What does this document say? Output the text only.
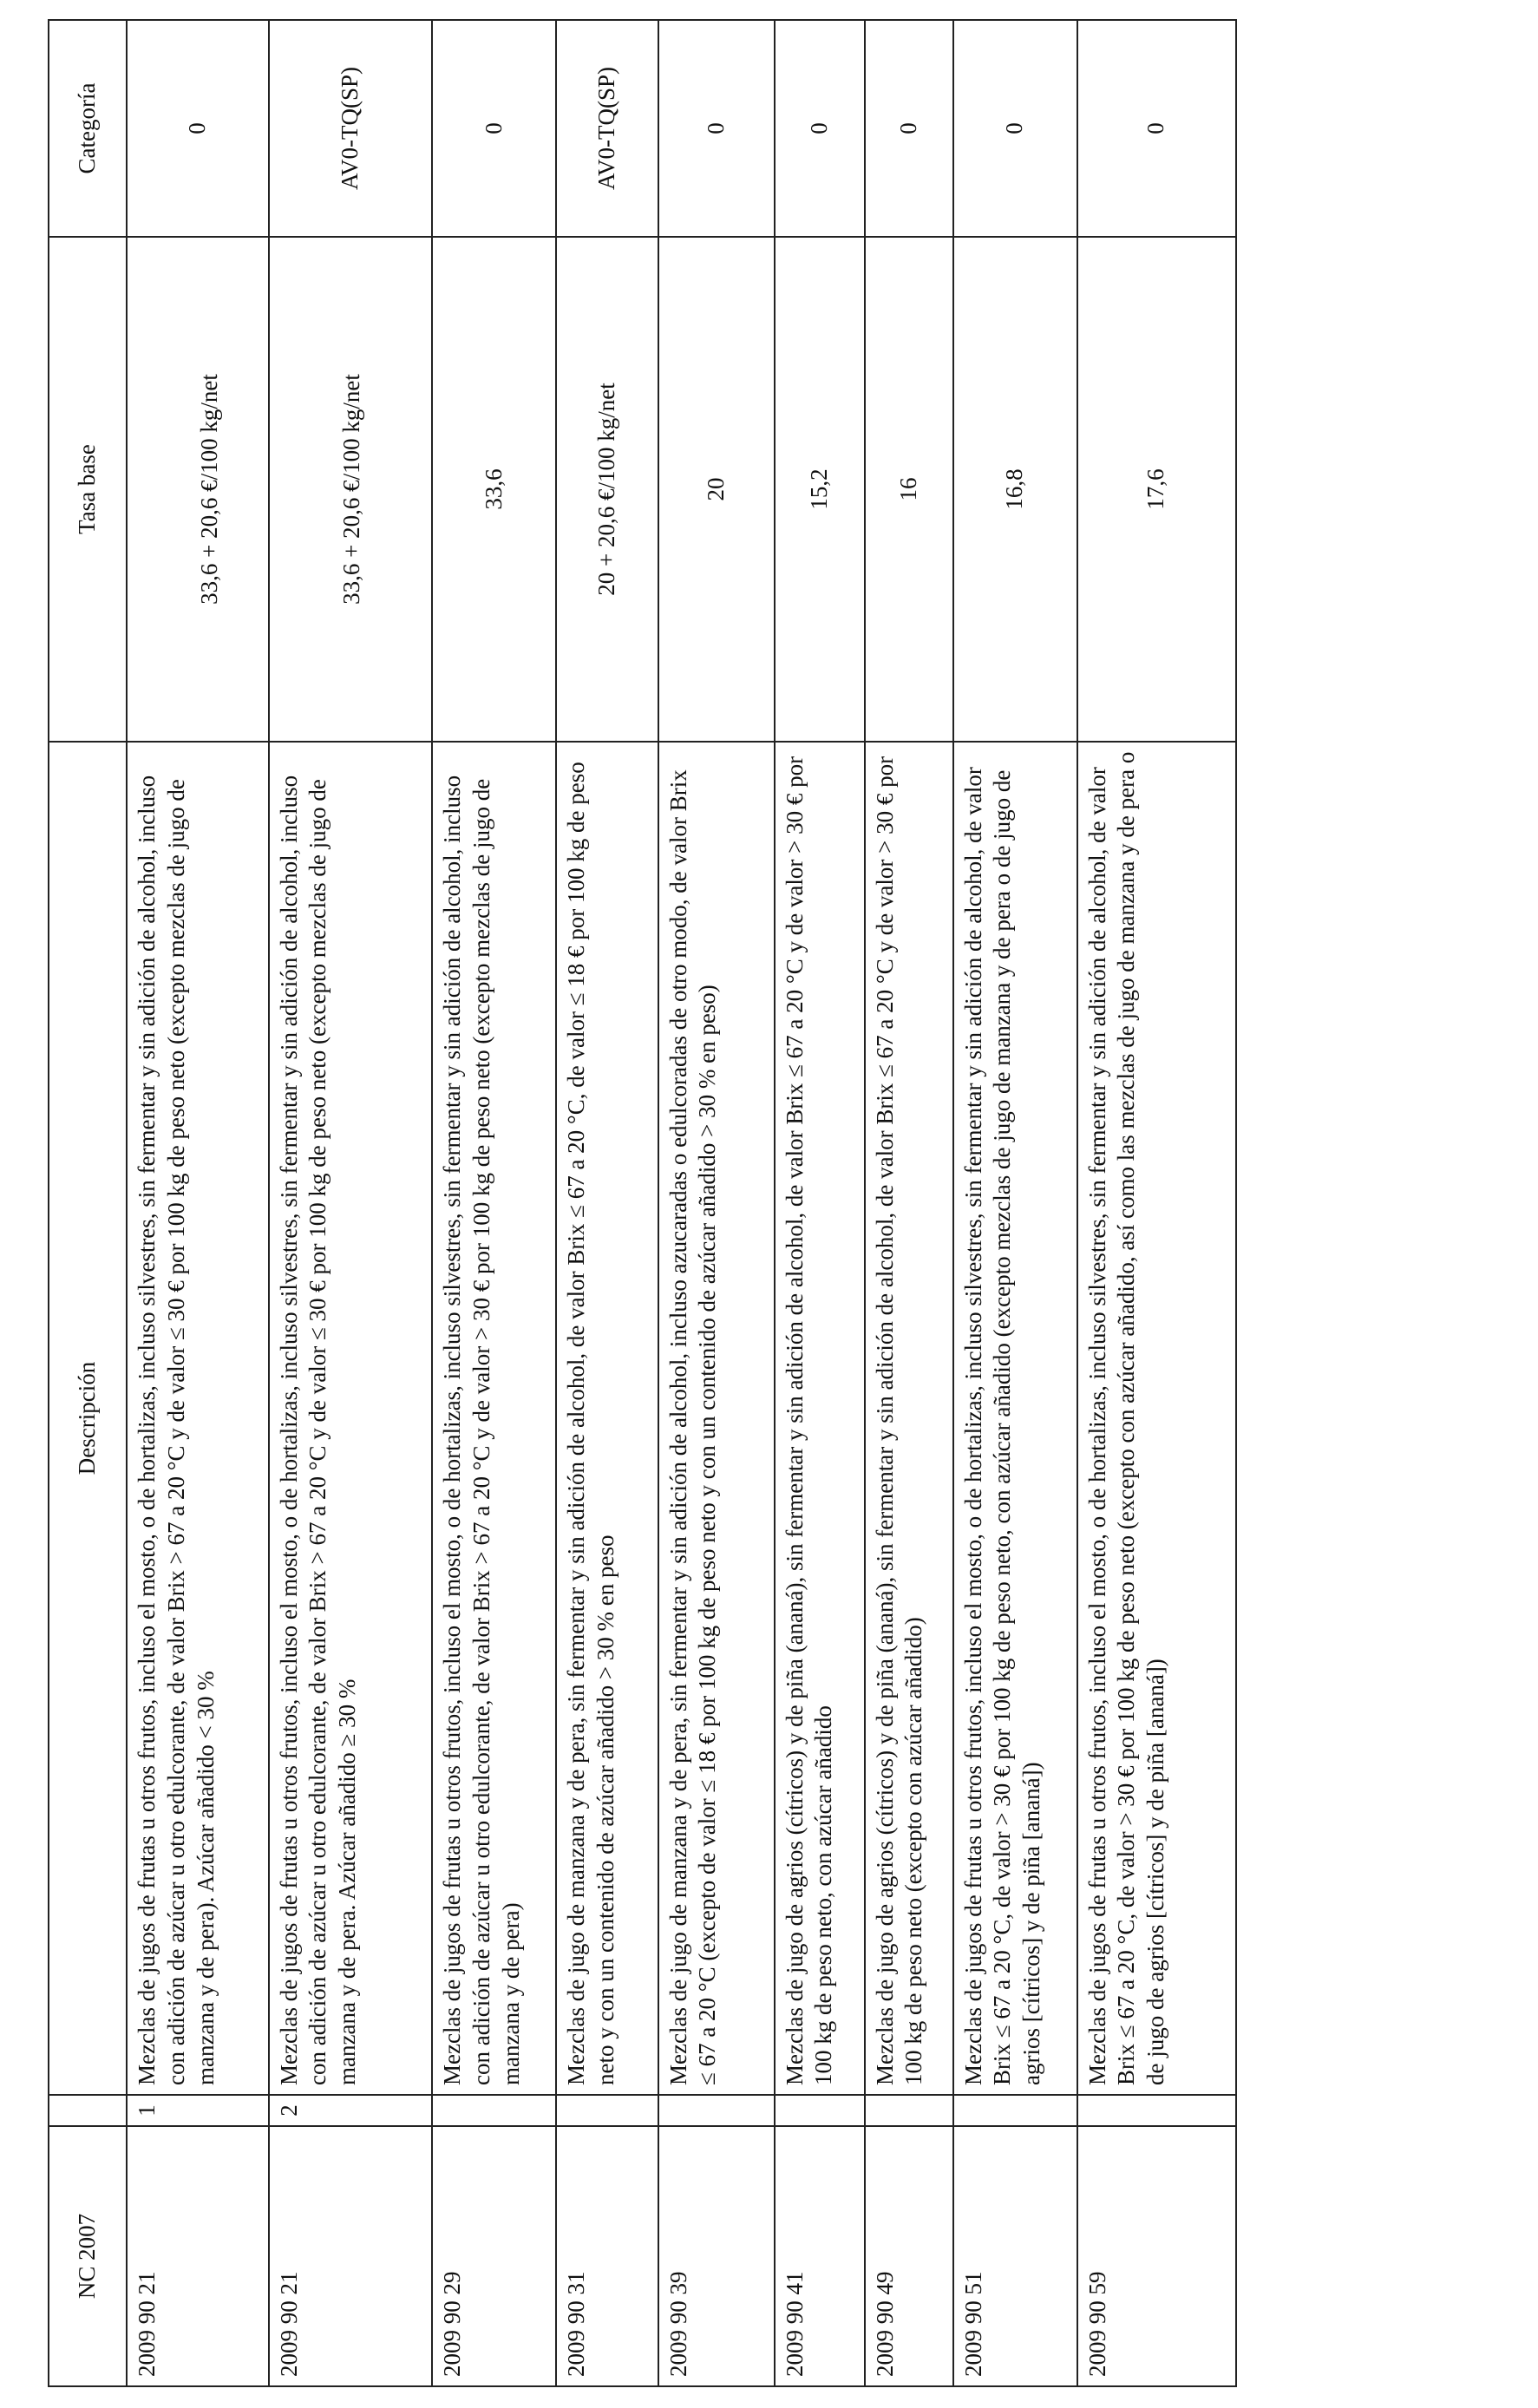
NC 2007		Descripción	Tasa base	Categoría
2009 90 21	1	Mezclas de jugos de frutas u otros frutos, incluso el mosto, o de hortalizas, incluso silvestres, sin fermentar y sin adición de alcohol, incluso con adición de azúcar u otro edulcorante, de valor Brix > 67 a 20 °C y de valor ≤ 30 € por 100 kg de peso neto (excepto mezclas de jugo de manzana y de pera). Azúcar añadido < 30 %	33,6 + 20,6 €/100 kg/net	0
2009 90 21	2	Mezclas de jugos de frutas u otros frutos, incluso el mosto, o de hortalizas, incluso silvestres, sin fermentar y sin adición de alcohol, incluso con adición de azúcar u otro edulcorante, de valor Brix > 67 a 20 °C y de valor ≤ 30 € por 100 kg de peso neto (excepto mezclas de jugo de manzana y de pera. Azúcar añadido ≥ 30 %	33,6 + 20,6 €/100 kg/net	AV0-TQ(SP)
2009 90 29		Mezclas de jugos de frutas u otros frutos, incluso el mosto, o de hortalizas, incluso silvestres, sin fermentar y sin adición de alcohol, incluso con adición de azúcar u otro edulcorante, de valor Brix > 67 a 20 °C y de valor > 30 € por 100 kg de peso neto (excepto mezclas de jugo de manzana y de pera)	33,6	0
2009 90 31		Mezclas de jugo de manzana y de pera, sin fermentar y sin adición de alcohol, de valor Brix ≤ 67 a 20 °C, de valor ≤ 18 € por 100 kg de peso neto y con un contenido de azúcar añadido > 30 % en peso	20 + 20,6 €/100 kg/net	AV0-TQ(SP)
2009 90 39		Mezclas de jugo de manzana y de pera, sin fermentar y sin adición de alcohol, incluso azucaradas o edulcoradas de otro modo, de valor Brix ≤ 67 a 20 °C (excepto de valor ≤ 18 € por 100 kg de peso neto y con un contenido de azúcar añadido > 30 % en peso)	20	0
2009 90 41		Mezclas de jugo de agrios (cítricos) y de piña (ananá), sin fermentar y sin adición de alcohol, de valor Brix ≤ 67 a 20 °C y de valor > 30 € por 100 kg de peso neto, con azúcar añadido	15,2	0
2009 90 49		Mezclas de jugo de agrios (cítricos) y de piña (ananá), sin fermentar y sin adición de alcohol, de valor Brix ≤ 67 a 20 °C y de valor > 30 € por 100 kg de peso neto (excepto con azúcar añadido)	16	0
2009 90 51		Mezclas de jugos de frutas u otros frutos, incluso el mosto, o de hortalizas, incluso silvestres, sin fermentar y sin adición de alcohol, de valor Brix ≤ 67 a 20 °C, de valor > 30 € por 100 kg de peso neto, con azúcar añadido (excepto mezclas de jugo de manzana y de pera o de jugo de agrios [cítricos] y de piña [ananá])	16,8	0
2009 90 59		Mezclas de jugos de frutas u otros frutos, incluso el mosto, o de hortalizas, incluso silvestres, sin fermentar y sin adición de alcohol, de valor Brix ≤ 67 a 20 °C, de valor > 30 € por 100 kg de peso neto (excepto con azúcar añadido, así como las mezclas de jugo de manzana y de pera o de jugo de agrios [cítricos] y de piña [ananá])	17,6	0
